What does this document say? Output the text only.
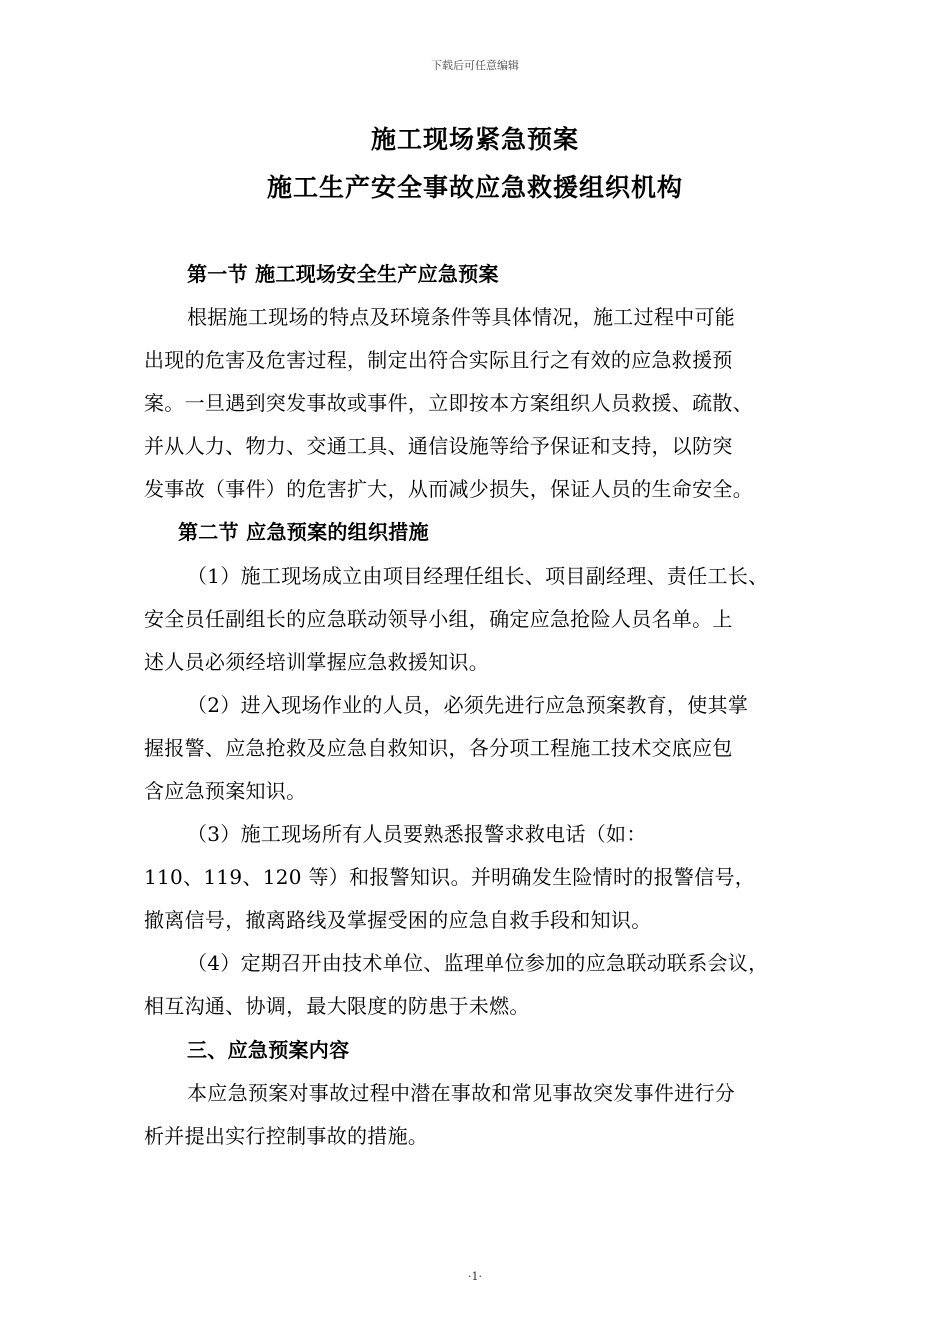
下载后可任意编辑
施工现场紧急预案
施工生产安全事故应急救援组织机构
第一节 施工现场安全生产应急预案
根据施工现场的特点及环境条件等具体情况，施工过程中可能
出现的危害及危害过程，制定出符合实际且行之有效的应急救援预
案。一旦遇到突发事故或事件，立即按本方案组织人员救援、疏散、
并从人力、物力、交通工具、通信设施等给予保证和支持，以防突
发事故（事件）的危害扩大，从而减少损失，保证人员的生命安全。
第二节 应急预案的组织措施
（1）施工现场成立由项目经理任组长、项目副经理、责任工长、
安全员任副组长的应急联动领导小组，确定应急抢险人员名单。上
述人员必须经培训掌握应急救援知识。
（2）进入现场作业的人员，必须先进行应急预案教育，使其掌
握报警、应急抢救及应急自救知识，各分项工程施工技术交底应包
含应急预案知识。
（3）施工现场所有人员要熟悉报警求救电话（如：
110、119、120 等）和报警知识。并明确发生险情时的报警信号，
撤离信号，撤离路线及掌握受困的应急自救手段和知识。
（4）定期召开由技术单位、监理单位参加的应急联动联系会议，
相互沟通、协调，最大限度的防患于未燃。
三、应急预案内容
本应急预案对事故过程中潜在事故和常见事故突发事件进行分
析并提出实行控制事故的措施。
·1·
